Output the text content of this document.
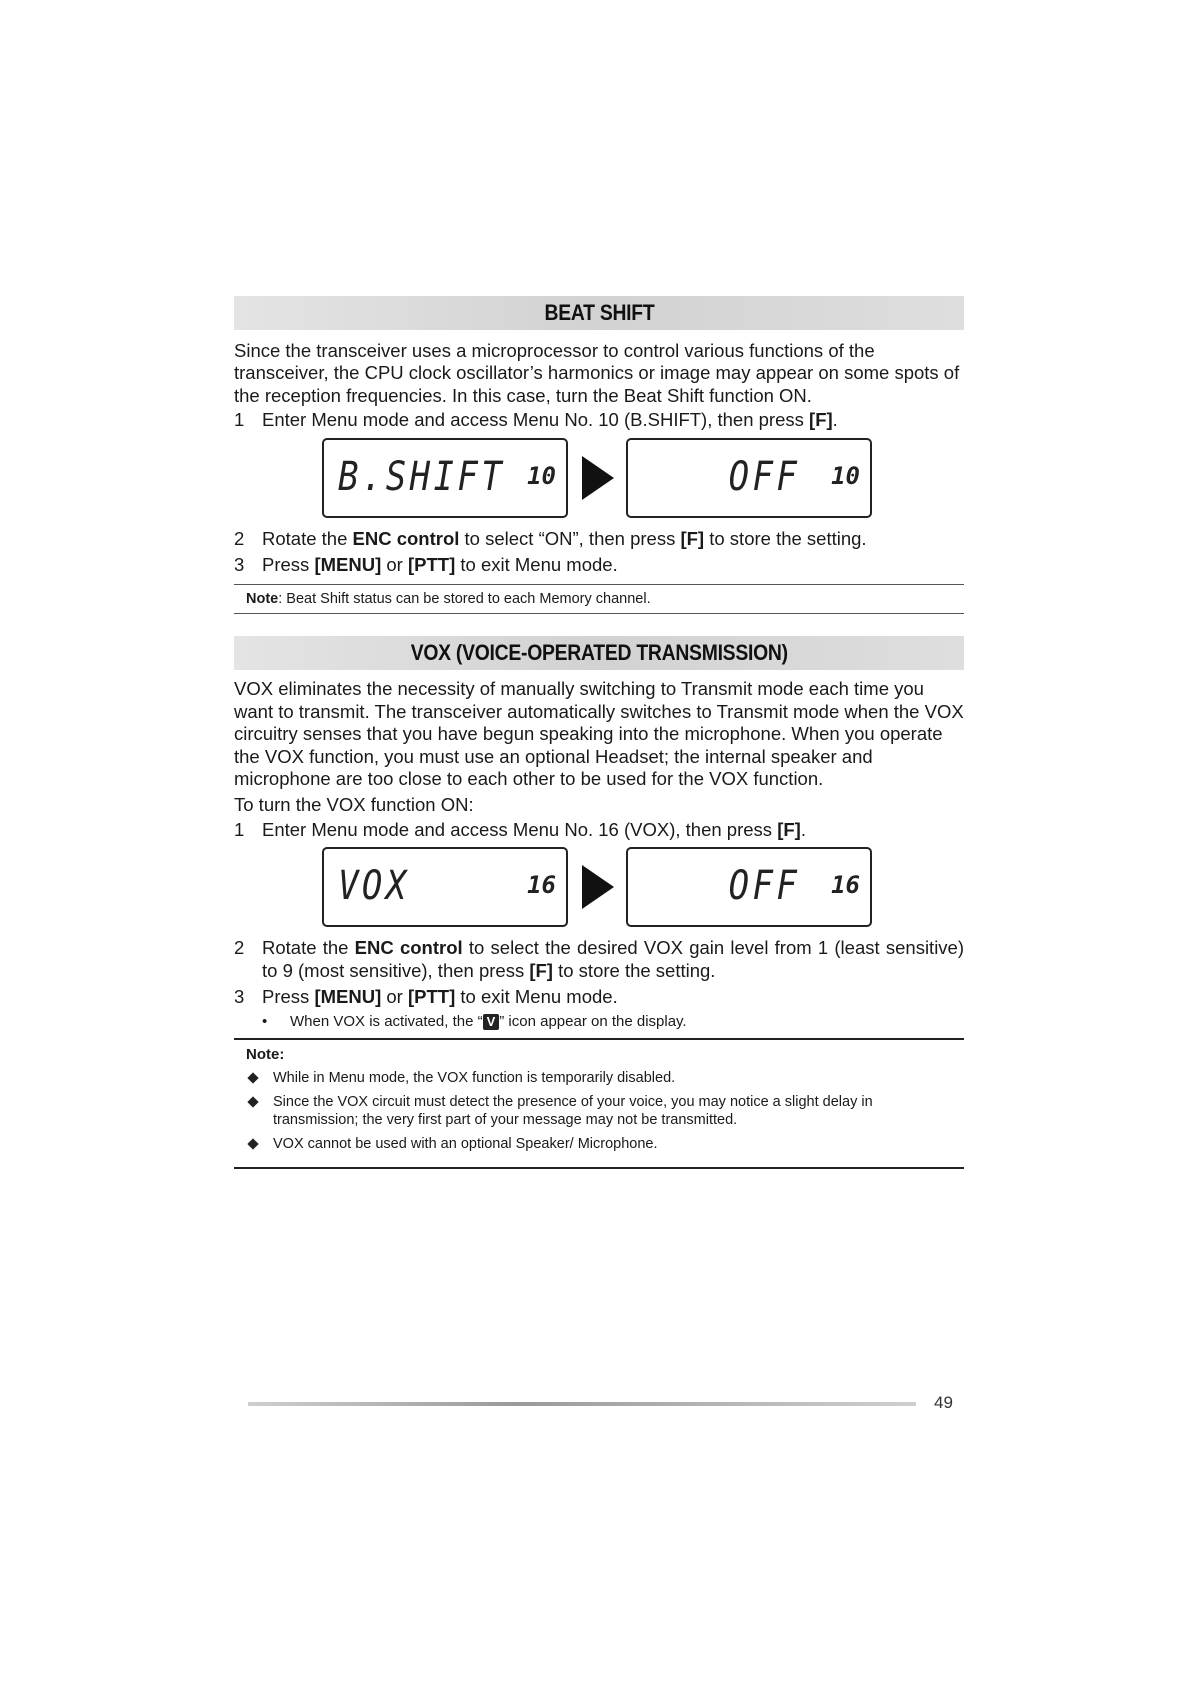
BEAT SHIFT

Since the transceiver uses a microprocessor to control various functions of the transceiver, the CPU clock oscillator’s harmonics or image may appear on some spots of the reception frequencies. In this case, turn the Beat Shift function ON.

1 Enter Menu mode and access Menu No. 10 (B.SHIFT), then press [F].
B.SHIFT 10	OFF 10
2 Rotate the ENC control to select “ON”, then press [F] to store the setting.
3 Press [MENU] or [PTT] to exit Menu mode.
Note: Beat Shift status can be stored to each Memory channel.
VOX (VOICE-OPERATED TRANSMISSION)

VOX eliminates the necessity of manually switching to Transmit mode each time you want to transmit. The transceiver automatically switches to Transmit mode when the VOX circuitry senses that you have begun speaking into the microphone. When you operate the VOX function, you must use an optional Headset; the internal speaker and microphone are too close to each other to be used for the VOX function.

To turn the VOX function ON:

1 Enter Menu mode and access Menu No. 16 (VOX), then press [F].
VOX	16	OFF 16
2 Rotate the ENC control to select the desired VOX gain level from 1 (least sensitive) to 9 (most sensitive), then press [F] to store the setting.
3 Press [MENU] or [PTT] to exit Menu mode.
•	When VOX is activated, the “ V ” icon appear on the display.
Note:
While in Menu mode, the VOX function is temporarily disabled.
Since the VOX circuit must detect the presence of your voice, you may notice a slight delay in transmission; the very first part of your message may not be transmitted.
VOX cannot be used with an optional Speaker/ Microphone.
49
